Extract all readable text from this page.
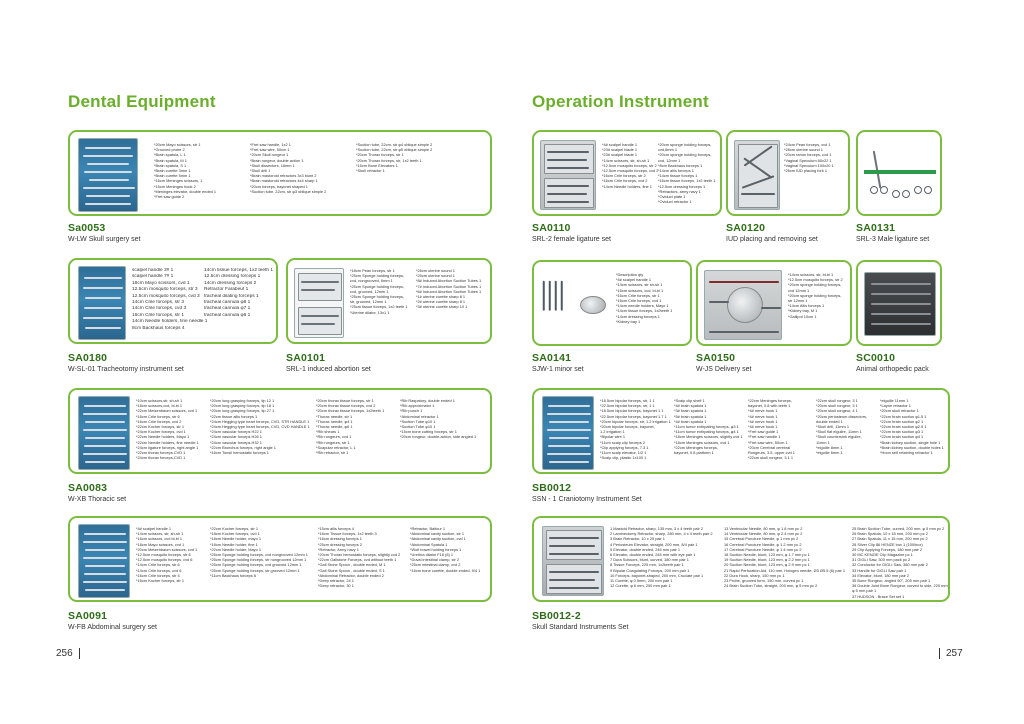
Dental Equipment
*20cm Mayo scissors, str 1
*Grooved probe 2
*Brain spatula, L 1
*Brain spatula, M 1
*Brain spatula, S 1
*Brain curette 3mm 1
*Brain curette 5mm 1
*16cm Meninges scissors, 1
*15cm Meninges hook 2
*Meninges elevator, double ended 1
*Fret saw guide 2
*Fret saw handle, 1x2 1
*Fret saw wire, 50cm 1
*20cm Skull rongeur 1
*Brain rongeur, double action 1
*Skull dissectors, 16mm 1
*Skull drill 1
*Brain mastoroid retractors 3x3 blunt 2
*Brain mastoroid retractors 4x4 sharp 1
*20cm forceps, bayonet shaped 1
*Suction tube, 22cm, str φ3 oblique simple 2
*Suction tube, 22cm, str φ4 oblique simple 2
*Suction tube, 22cm, str φ5 oblique simple 2
*20cm Thorax forceps, str 1
*20cm Thorax forceps, str, 1x2 teeth 1
*15cm Bone Elevators 1
*Skull retractor 1
Sa0053
W-LW Skull surgery set
scalpel handle 3# 1
scalpel handle 7# 1
18cm Mayo scissors, cvd 1
12.5cm mosquito forceps, str 3
12.5cm mosquito forceps, cvd 3
14cm Crile forceps, str 3
14cm Crile forceps, cvd 3
16cm Crile forceps, str 1
14cm Needle holders, fine needle 1
8cm Backhaus forceps 4
14cm tissue forceps, 1x2 teeth 1
12.5cm dressing forceps 1
14cm dressing forceps 2
Retractor Farabeuf 1
tracheal dilating forceps 1
tracheal cannula φ8 1
tracheal cannula φ7 1
tracheal cannula φ6 1
SA0180
W-SL-01 Tracheotomy instrument set
*18cm Pean forceps, str 1
*25cm Sponge holding forceps,
cvd, nongrooved, 6mm 1
*25cm Sponge holding forceps,
cvd, grooved, 12mm 1
*25cm Sponge holding forceps,
str, grooved, 12mm 1
*25cm tissue forceps, 1x2 teeth 1
*Uterine dilator, 13x1 1
*26cm uterine sound 1
*25cm uterine sound 1
*8# Induced Abortion Suction Tubes 1
*7# Induced Abortion Suction Tubes 1
*6# Induced Abortion Suction Tubes 1
*1# uterine curette sharp 8 1
*2# uterine curette sharp 8 1
*3# uterine curette sharp 10 1
SA0101
SRL-1 induced abortion set
*10cm scissors,str, sh-sh 1
*18cm scissors,cvd, bl-bl 1
*22cm Metzenbaum scissors, cvd 1
*16cm Crile forceps, str 6
*16cm Crile forceps, cvd 2
*22cm Kocher forceps, str 1
*24cm Kocher forceps, cvd 1
*22cm Needle holders, Mayo 1
*22cm Needle holders, fine needle 1
*24cm ligature forceps, right angle 1
*22cm thorax forceps,CVD 1
*24cm thorax forceps,CVD 1
*20cm lung grasping forceps, tip 12 1
*20cm lung grasping forceps, tip 18 1
*20cm lung grasping forceps, tip 27 1
*22cm tissue allis forceps 1
*24cm Hegging type heart forceps, CVD, STR HANDLE 1
*24cm Hegging type heart forceps, CVD, CVD HANDLE 1
*24cm vascular forceps H22 1
*24cm vascular forceps H26 1
*24cm vascular forceps H32 1
*22cm Bronchus forceps, right angle 1
*16cm Tonsil hemostatic forceps 1
*20cm thorax tissue forceps, str 1
*20cm thorax tissue forceps, cvd 2
*20cm thorax tissue forceps, 1x2teeth 1
*Thorax needle, str 1
*Thorax needle, φ4 1
*Thorax needle, φ6 1
*Rib shears 1
*Rib rongeurs, cvd 1
*Rib rongeurs, str 1
*Scapular retractor, L 1
*Rib retractor, str 1
*Rib Raspatory, double ended 1
*Rib approximator 1
*Rib punch 1
*Abdominal retractor 1
*Suction Tube φ10 1
*Suction Tube φ10 1
*15cm bone cutting forceps, str 1
*20cm rongeur, double-action, side angled 1
SA0083
W-XB Thoracic set
*4# scalpel handle 1
*14cm scissors, str, sh-sh 1
*16cm scissors, cvd bl-bl 1
*18cm Mayo scissors, cvd 1
*20cm Metzenbaum scissors, cvd 1
*12.5cm mosquito forceps, str 6
*12.5cm mosquito forceps, cvd 6
*14cm Crile forceps, str 6
*14cm Crile forceps, cvd 6
*16cm Crile forceps, str 4
*16cm Kocher forceps, str 1
*22cm Kocher forceps, str 1
*18cm Kocher forceps, cvd 1
*18cm Needle holder, mayo 1
*18cm Needle holder, fine 1
*22cm Needle holder, Mayo 1
*25cm Sponge holding forceps, cvd nongrooved 12mm 1
*25cm Sponge holding forceps, str nongrooved 12mm 1
*25cm Sponge holding forceps, cvd grooved 12mm 1
*25cm Sponge holding forceps, str grooved 12mm 1
*11cm Backhaus forceps 6
*15cm allis forceps 4
*16cm Tissue forceps, 1x2 teeth 3
*16cm dressing forceps 1
*25cm dressing forceps 2
*Retractor, Army navy 1
*20cm Thorax hemostatic forceps, slightly cvd 2
*22cm Gallstone Forceps, cvd without teeth 1
*Gall Stone Spoon , double ended, M 1
*Gall Stone Spoon , double ended, S 1
*Abdominal Retractor, double ended 2
*Deep retractor, 24 1
*Deep retractor, 30 1
*Retractor, Balfour 1
*Abdominal cavity suction, str 1
*Abdominal cavity suction, cvd 1
*Abdominal Spatula 1
*Wolf bowel holding forceps 1
*Urethra dilator F16 (8) 1
*Duval intestinal clamp, str 2
*25cm intestinal clamp, cvd 2
*16cm bone curette, double ended, 9/4 1
SA0091
W-FB Abdominal surgery set
256
Operation Instrument
*4# scalpel handle 1
*23# scalpel blade 1
*23# scalpel blade 1
*14cm scissors, str, sh-sh 1
*12.5cm mosquito forceps, str 2
*12.5cm mosquito forceps, cvd 2
*16cm Crile forceps, str 2
*16cm Crile forceps, cvd 2
*14cm Needle holders, fine 1
*20cm sponge holding forceps,
cvd,6mm 1
*20cm sponge holding forceps,
cvd, 12mm 1
*8cm Backhaus forceps 1
*14cm allis forceps 1
*14cm tissue forceps 1
*16cm tissue forceps, 1x2 teeth 1
*12.5cm dressing forceps 1
*Retractors, army navy 1
*Oviduct plate 1
*Oviduct retractor 1
SA0110
SRL-2 female ligature set
*24cm Pean forceps, cvd 1
*28cm uterine sound 1
*20cm ranon forceps, cvd 1
*Vaginal Speculum 80x22 1
*Vaginal Speculum 100x20 1
*26cm IUD placing fork 1
SA0120
IUD placing and removing set
SA0131
SRL-3 Male ligature set
*Description qty
*4# scalpel handle 1
*14cm scissors, str sh-sh 1
*16cm scissors, cvd, bl-bl 1
*16cm Crile forceps, str 1
*16cm Crile forceps, cvd 1
*14cm needle holders, Mayo 1
*14cm tissue forceps, 1x2teeth 1
*14cm dressing forceps 1
*Kidney tray 1
SA0141
SJW-1 minor set
*14cm scissors, str, bl-bl 1
*12.5cm mosquito forceps, str 2
*20cm sponge holding forceps,
cvd 12mm 1
*20cm sponge holding forceps,
str 12mm 1
*14cm Allis forceps 1
*Kidney tray, M 1
*Gallipot 10cm 1
SA0150
W-JS Delivery set
SC0010
Animal orthopedic pack
*18.5cm bipolar forceps, str, 1 1
*22.5cm bipolar forceps, str, 1 1
*18.5cm bipolar forceps, bayonet 1 1
*22.5cm bipolar forceps, bayonet 1.7 1
*20cm bipolar forceps, str, 1.2 irrigation 1
*20cm bipolar forceps, bayonet,
1.2 irrigation 1
*Bipolar wire 1
*11cm scalp clip forceps 2
*Clip applying forceps, 7.3 1
*11cm scalp elevator, 1/2 1
*Scalp clip, plastic 1x100 1
*Scalp clip shelf 1
*4# brain spatula 1
*3# brain spatula 1
*5# brain spatula 1
*4# brain spatula 1
*11cm tumor extirpating forceps, φ3 1
*11cm tumor extirpating forceps, φ4 1
*18cm Meninges scissors, slightly cvd 1
*18cm Meninges scissors, cvd 1
*22cm Meninges forceps,
bayonet, 0.8 platform 1
*22cm Meninges forceps,
bayonet, 0.8 with teeth 1
*4# nerve hook 1
*4# nerve hook 1
*4# nerve hook 1
*4# nerve hook 1
*Fret saw guide 1
*Fret saw handle 1
*Fret saw wire, 50cm 1
*20cm Cerebral cerebral
Rongeurs, 3.5, upper cvd 1
*22cm skull rongeur, 3.1 1
*22cm skull rongeur, 3 1
*20cm skull rongeur, 3 1
*20cm skull rongeur, 4 1
*20cm periosteum dissectors,
double ended 1
*Skull drill, 11mm 1
*Skull flat elguilre, 11mm 1
*Skull countersink elguilre,
11mm 1
*elguille 8mm 1
*elguille 6mm 1
*elguille 11mm 1
*Layne retractor 1
*20cm skull retractor 1
*22cm brain suction φ1.5 1
*22cm brain suction φ2 1
*22cm brain suction φ2.5 1
*22cm brain suction φ3 1
*22cm brain suction φ4 1
*Brain kidney suction, single hole 1
*Brain kidney suction, double holes 1
*Hoon self retaining retractor 1
SB0012
SSN - 1 Craniotomy Instrument Set
1 Mastoid Retractor, sharp, 135 mm, 3 x 4 teeth pair 2
2 Laminectomy Retractor, sharp, 280 mm, 4 x 4 teeth pair 2
3 Brain Retractor, 10 x 25 pair 1
4 Periosteum Elevator, straight, 200 mm, 8/4 pair 1
5 Elevator, double ended, 245 mm pair 1
6 Elevator, double ended, 245 mm with eye pair 1
7 Dura Scissors, blunt, curved, 180 mm pair 1
8 Tissue Forceps, 225 mm, 1x2teeth pair 1
9 Bipolar Coagulating Forceps, 200 mm pair 1
10 Forceps, bayonet-shaped, 200 mm, Cruciate pair 1
11 Curette, φ 0.5mm, 200 mm pair 1
12 Curette, φ 6 mm, 200 mm pair 1
13 Ventricular Needle, 80 mm, φ 1.8 mm pc 2
14 Ventricular Needle, 80 mm, φ 2.4 mm pc 2
15 Cerebral Puncture Needle, φ 1 mm pc 2
16 Cerebral Puncture Needle, φ 1.2 mm pc 2
17 Cerebral Puncture Needle, φ 1.4 mm pc 2
18 Suction Needle, blunt, 123 mm, φ 1.7 mm pc 1
19 Suction Needle, blunt, 123 mm, φ 2.2 mm pc 1
20 Suction Needle, blunt, 123 mm, φ 2.9 mm pc 1
21 Rapid Perforation Aid, 110 mm, Hologen needle, Ø3 Ø5.5 (6) pair 1
22 Dura Hook, sharp, 150 mm pc 1
23 Probe, grooved form, 150 mm, curved pc 1
24 Brain Suction Tube, straight, 200 mm, φ 5 mm pc 2
25 Brain Suction Tube, curved, 200 mm, φ 5 mm pc 2
26 Brain Spatula, 10 x 18 mm, 200 mm pc 2
27 Brain Spatula, 11 x 15 mm, 200 mm pc 2
28 Silver Clip 86 HENZE box 1 (100/box)
29 Clip Applying Forceps, 180 mm pair 2
30 MC KENZIE Clip Magazine pc 1
31 GIGLI Saw, 300 mm pack pc 2
32 Conductor for GIGLI Saw, 380 mm pair 2
33 Handle for GIGLI Saw pair 1
34 Elevator, blunt, 180 mm pair 2
35 Bone Rongeur, angled 90°, 205 mm pair 1
36 Double Joint Bone Rongeur, curved to side, 220 mm
φ 5 mm pair 1
37 HUDSON - Brace Set set 1
38 KANEY scalp clip applying forceps, 180mm pair 2
SB0012-2
Skull Standard Instruments Set
257
